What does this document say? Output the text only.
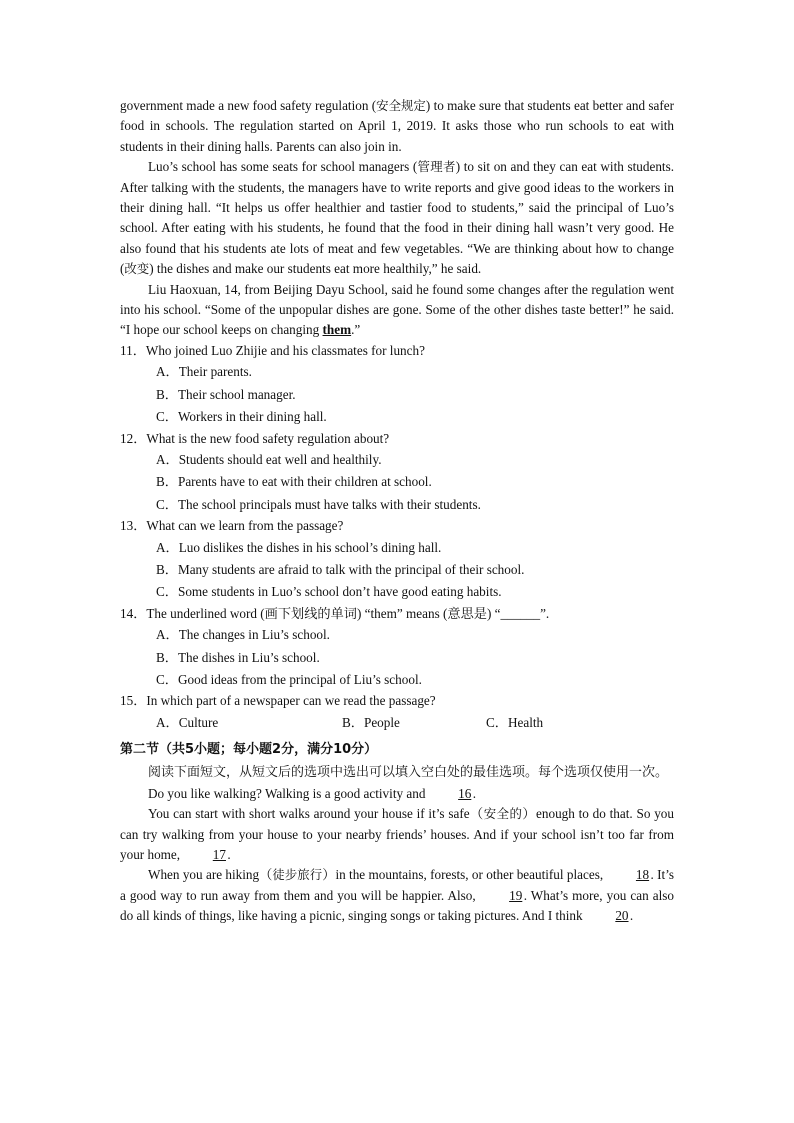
government made a new food safety regulation (安全规定) to make sure that students eat better and safer food in schools. The regulation started on April 1, 2019. It asks those who run schools to eat with students in their dining halls. Parents can also join in.

Luo’s school has some seats for school managers (管理者) to sit on and they can eat with students. After talking with the students, the managers have to write reports and give good ideas to the workers in their dining hall. “It helps us offer healthier and tastier food to students,” said the principal of Luo’s school. After eating with his students, he found that the food in their dining hall wasn’t very good. He also found that his students ate lots of meat and few vegetables. “We are thinking about how to change (改变) the dishes and make our students eat more healthily,” he said.

Liu Haoxuan, 14, from Beijing Dayu School, said he found some changes after the regulation went into his school. “Some of the unpopular dishes are gone. Some of the other dishes taste better!” he said. “I hope our school keeps on changing them.”

11．Who joined Luo Zhijie and his classmates for lunch?

A．Their parents.

B．Their school manager.

C．Workers in their dining hall.

12．What is the new food safety regulation about?

A．Students should eat well and healthily.

B．Parents have to eat with their children at school.

C．The school principals must have talks with their students.

13．What can we learn from the passage?

A．Luo dislikes the dishes in his school’s dining hall.

B．Many students are afraid to talk with the principal of their school.

C．Some students in Luo’s school don’t have good eating habits.

14．The underlined word (画下划线的单词) “them” means (意思是) “______”.

A．The changes in Liu’s school.

B．The dishes in Liu’s school.

C．Good ideas from the principal of Liu’s school.

15．In which part of a newspaper can we read the passage?

A．Culture	B．People	C．Health

第二节（共5小题；每小题2分，满分10分）

阅读下面短文，从短文后的选项中选出可以填入空白处的最佳选项。每个选项仅使用一次。

Do you like walking? Walking is a good activity and 16.

You can start with short walks around your house if it’s safe（安全的）enough to do that. So you can try walking from your house to your nearby friends’ houses. And if your school isn’t too far from your home, 17.

When you are hiking（徒步旅行）in the mountains, forests, or other beautiful places, 18. It’s a good way to run away from them and you will be happier. Also, 19. What’s more, you can also do all kinds of things, like having a picnic, singing songs or taking pictures. And I think 20.
